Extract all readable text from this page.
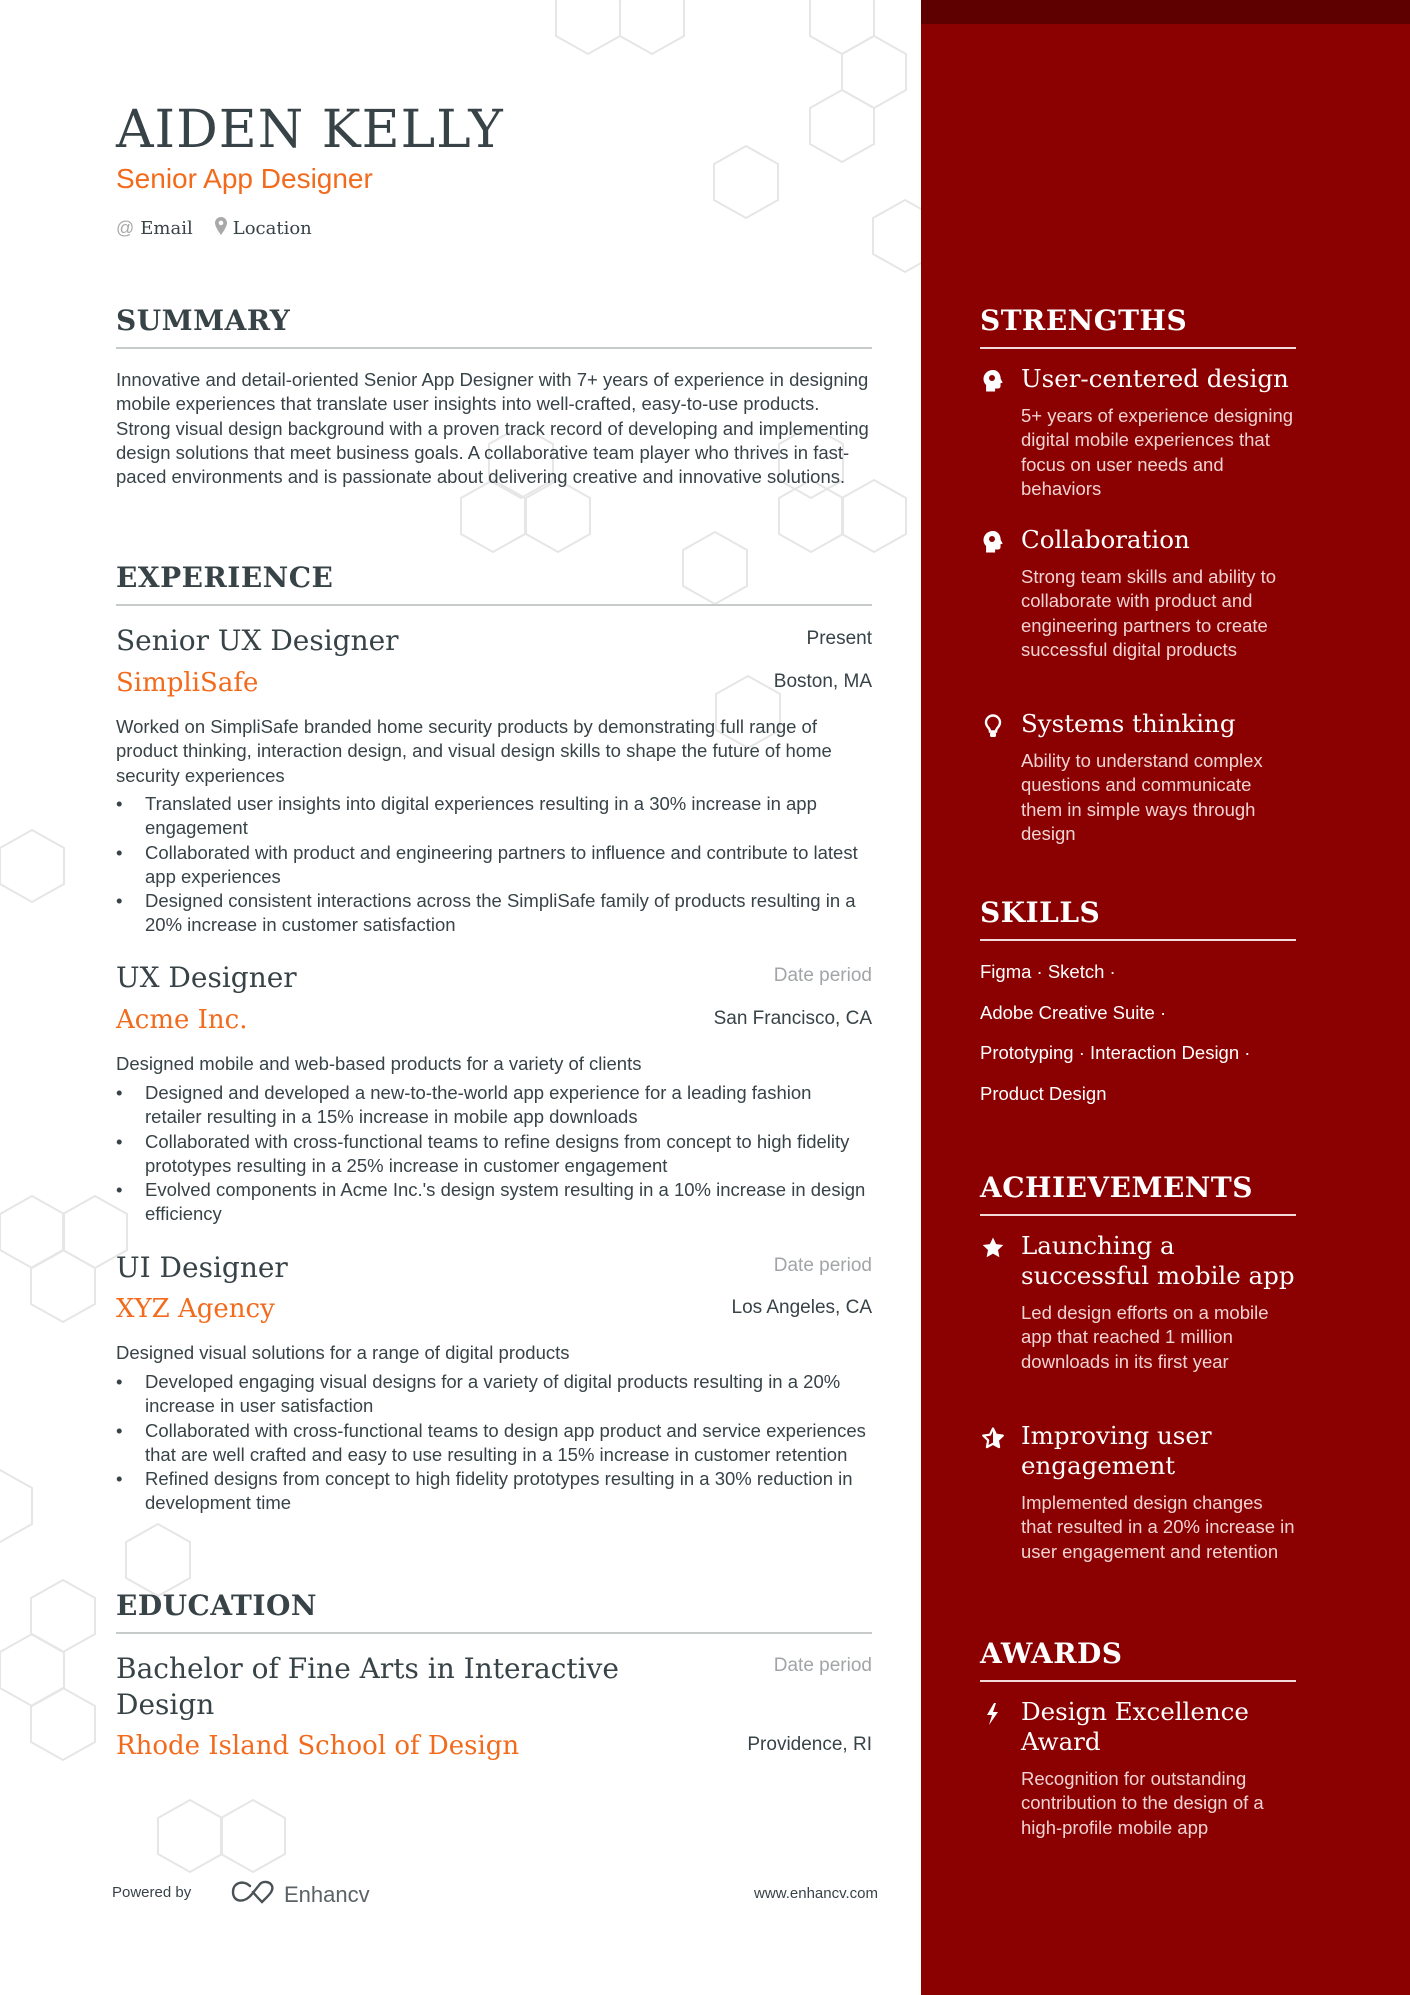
AIDEN KELLY
Senior App Designer
@ Email Location
SUMMARY

Innovative and detail-oriented Senior App Designer with 7+ years of experience in designing mobile experiences that translate user insights into well-crafted, easy-to-use products. Strong visual design background with a proven track record of developing and implementing design solutions that meet business goals. A collaborative team player who thrives in fast-paced environments and is passionate about delivering creative and innovative solutions.

EXPERIENCE
Senior UX Designer	Present
SimpliSafe	Boston, MA

Worked on SimpliSafe branded home security products by demonstrating full range of product thinking, interaction design, and visual design skills to shape the future of home security experiences

• Translated user insights into digital experiences resulting in a 30% increase in app engagement
• Collaborated with product and engineering partners to influence and contribute to latest app experiences
• Designed consistent interactions across the SimpliSafe family of products resulting in a 20% increase in customer satisfaction
UX Designer	Date period
Acme Inc.	San Francisco, CA

Designed mobile and web-based products for a variety of clients

• Designed and developed a new-to-the-world app experience for a leading fashion retailer resulting in a 15% increase in mobile app downloads
• Collaborated with cross-functional teams to refine designs from concept to high fidelity prototypes resulting in a 25% increase in customer engagement
• Evolved components in Acme Inc.'s design system resulting in a 10% increase in design efficiency
UI Designer	Date period
XYZ Agency	Los Angeles, CA

Designed visual solutions for a range of digital products

• Developed engaging visual designs for a variety of digital products resulting in a 20% increase in user satisfaction
• Collaborated with cross-functional teams to design app product and service experiences that are well crafted and easy to use resulting in a 15% increase in customer retention
• Refined designs from concept to high fidelity prototypes resulting in a 30% reduction in development time
EDUCATION
Bachelor of Fine Arts in Interactive Design
Date period
Rhode Island School of Design	Providence, RI
Powered by	Enhancv	www.enhancv.com
STRENGTHS
User-centered design
5+ years of experience designing digital mobile experiences that focus on user needs and behaviors
Collaboration
Strong team skills and ability to collaborate with product and engineering partners to create successful digital products
Systems thinking
Ability to understand complex questions and communicate them in simple ways through design
SKILLS
Figma · Sketch ·
Adobe Creative Suite ·
Prototyping · Interaction Design ·
Product Design
ACHIEVEMENTS
Launching a successful mobile app
Led design efforts on a mobile app that reached 1 million downloads in its first year
Improving user engagement
Implemented design changes that resulted in a 20% increase in user engagement and retention
AWARDS
Design Excellence Award
Recognition for outstanding contribution to the design of a high-profile mobile app
